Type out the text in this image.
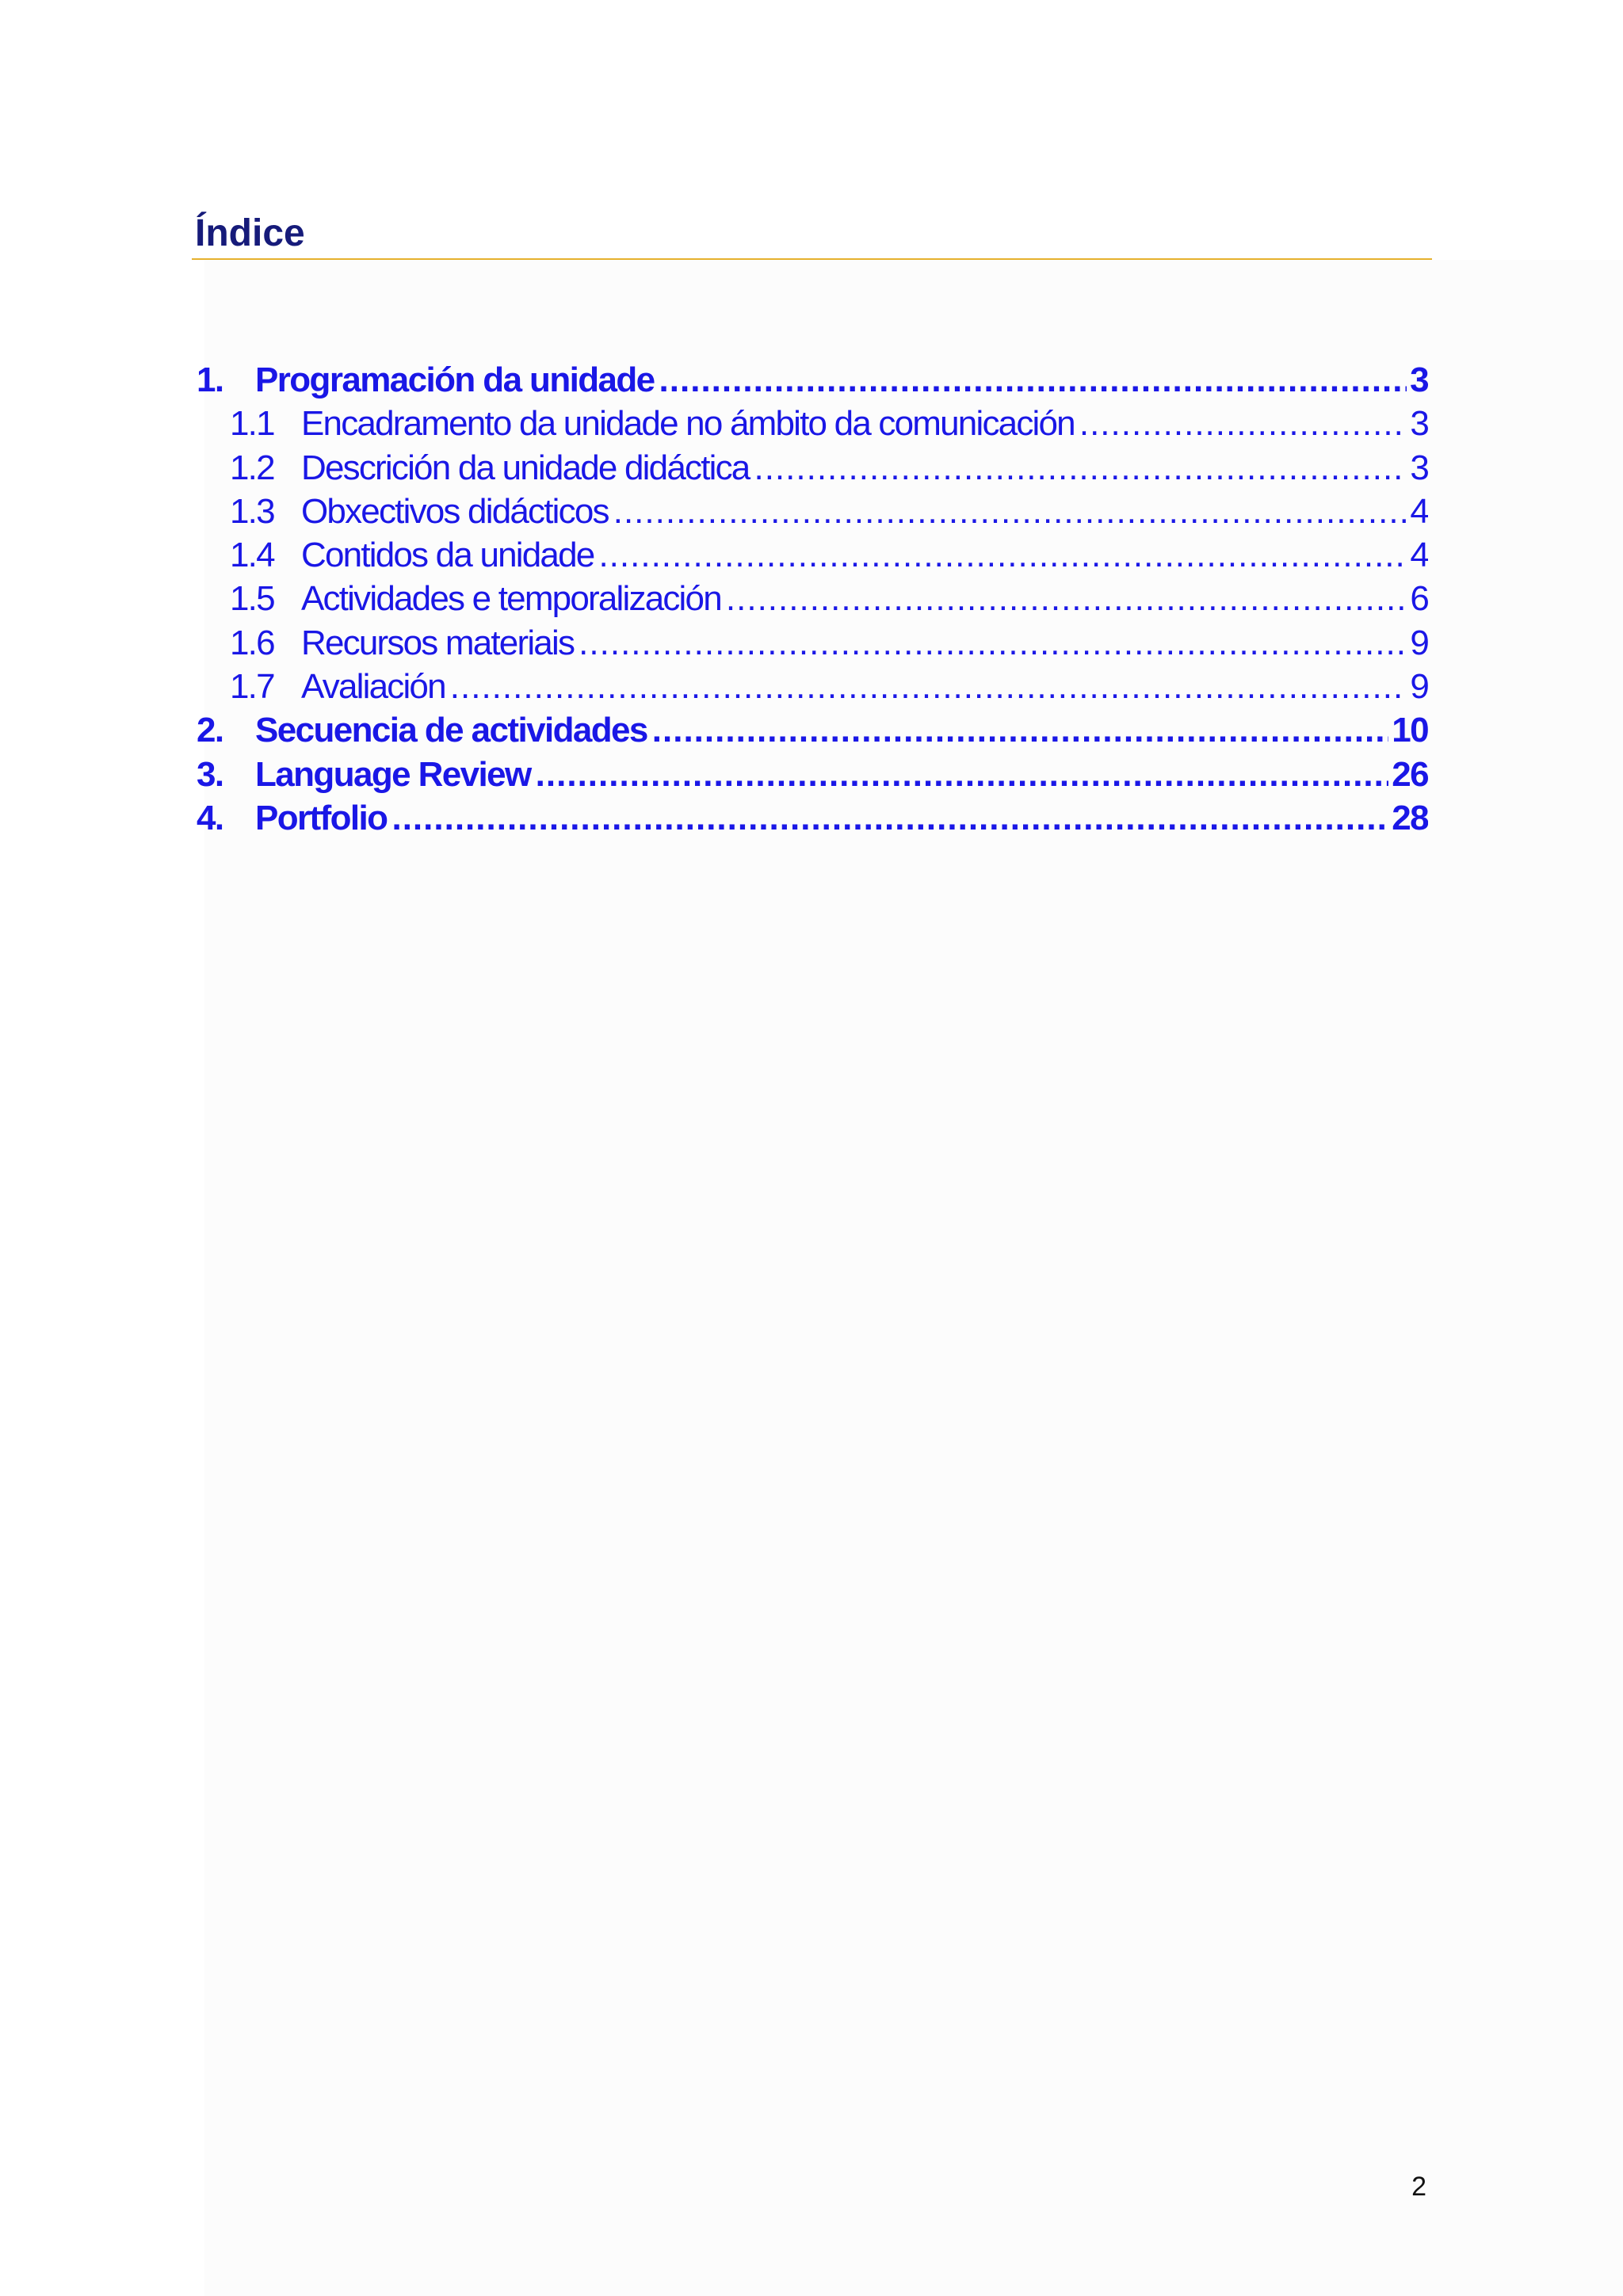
Índice
1. Programación da unidade .....	3
1.1 Encadramento da unidade no ámbito da comunicación .....	3
1.2 Descrición da unidade didáctica .....	3
1.3 Obxectivos didácticos .....	4
1.4 Contidos da unidade .....	4
1.5 Actividades e temporalización .....	6
1.6 Recursos materiais .....	9
1.7 Avaliación .....	9
2. Secuencia de actividades .....	10
3. Language Review .....	26
4. Portfolio .....	28
2
